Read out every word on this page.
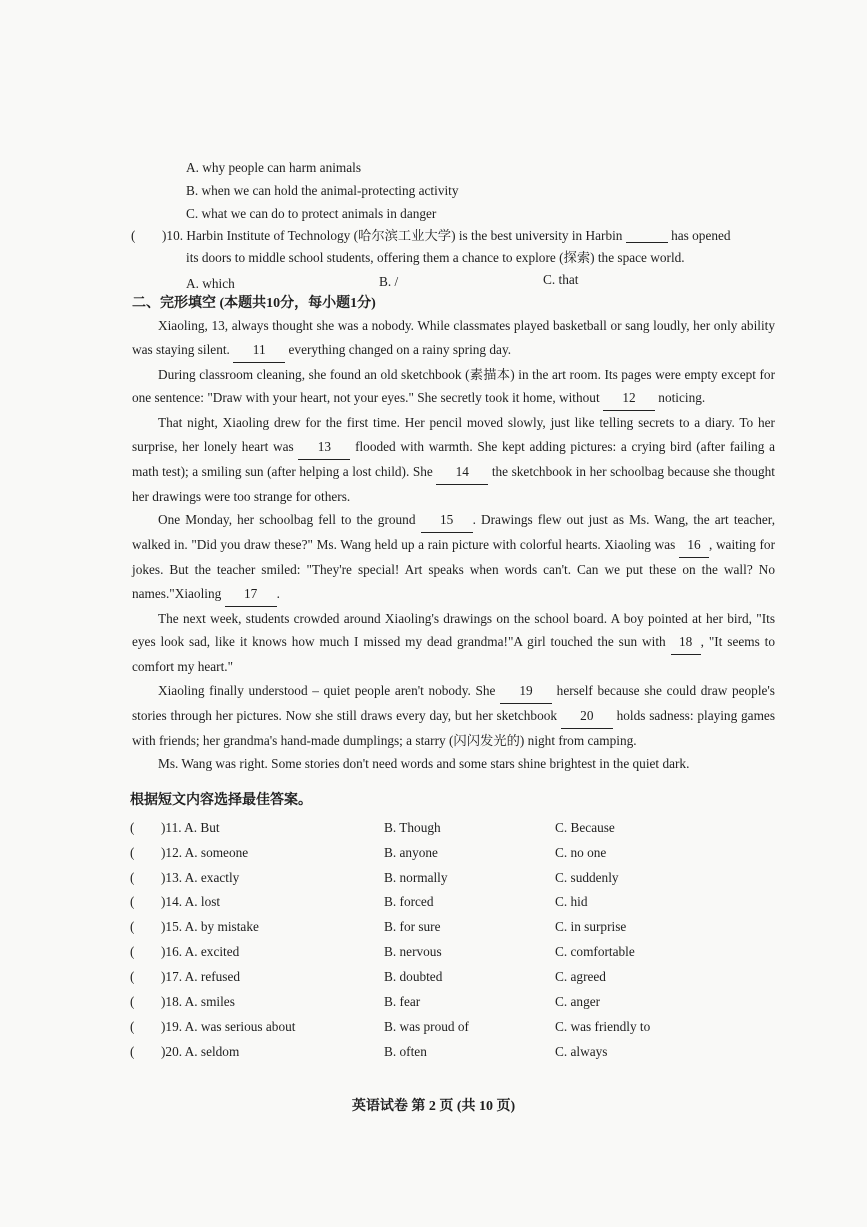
A. why people can harm animals
B. when we can hold the animal-protecting activity
C. what we can do to protect animals in danger
( )10. Harbin Institute of Technology (哈尔滨工业大学) is the best university in Harbin	has opened
its doors to middle school students, offering them a chance to explore (探索) the space world.
A. which	B. /	C. that
二、完形填空 (本题共10分，每小题1分)
Xiaoling, 13, always thought she was a nobody. While classmates played basketball or sang loudly, her only ability was staying silent. 11 everything changed on a rainy spring day.
During classroom cleaning, she found an old sketchbook (素描本) in the art room. Its pages were empty except for one sentence: "Draw with your heart, not your eyes." She secretly took it home, without 12 noticing.
That night, Xiaoling drew for the first time. Her pencil moved slowly, just like telling secrets to a diary. To her surprise, her lonely heart was 13 flooded with warmth. She kept adding pictures: a crying bird (after failing a math test); a smiling sun (after helping a lost child). She 14 the sketchbook in her schoolbag because she thought her drawings were too strange for others.
One Monday, her schoolbag fell to the ground 15 . Drawings flew out just as Ms. Wang, the art teacher, walked in. "Did you draw these?" Ms. Wang held up a rain picture with colorful hearts. Xiaoling was 16 , waiting for jokes. But the teacher smiled: "They're special! Art speaks when words can't. Can we put these on the wall? No names."Xiaoling 17 .
The next week, students crowded around Xiaoling's drawings on the school board. A boy pointed at her bird, "Its eyes look sad, like it knows how much I missed my dead grandma!"A girl touched the sun with 18 , "It seems to comfort my heart."
Xiaoling finally understood – quiet people aren't nobody. She 19 herself because she could draw people's stories through her pictures. Now she still draws every day, but her sketchbook 20 holds sadness: playing games with friends; her grandma's hand-made dumplings; a starry (闪闪发光的) night from camping.
Ms. Wang was right. Some stories don't need words and some stars shine brightest in the quiet dark.
根据短文内容选择最佳答案。
( )11. A. But	B. Though	C. Because
( )12. A. someone	B. anyone	C. no one
( )13. A. exactly	B. normally	C. suddenly
( )14. A. lost	B. forced	C. hid
( )15. A. by mistake	B. for sure	C. in surprise
( )16. A. excited	B. nervous	C. comfortable
( )17. A. refused	B. doubted	C. agreed
( )18. A. smiles	B. fear	C. anger
( )19. A. was serious about	B. was proud of	C. was friendly to
( )20. A. seldom	B. often	C. always
英语试卷 第 2 页 (共 10 页)
